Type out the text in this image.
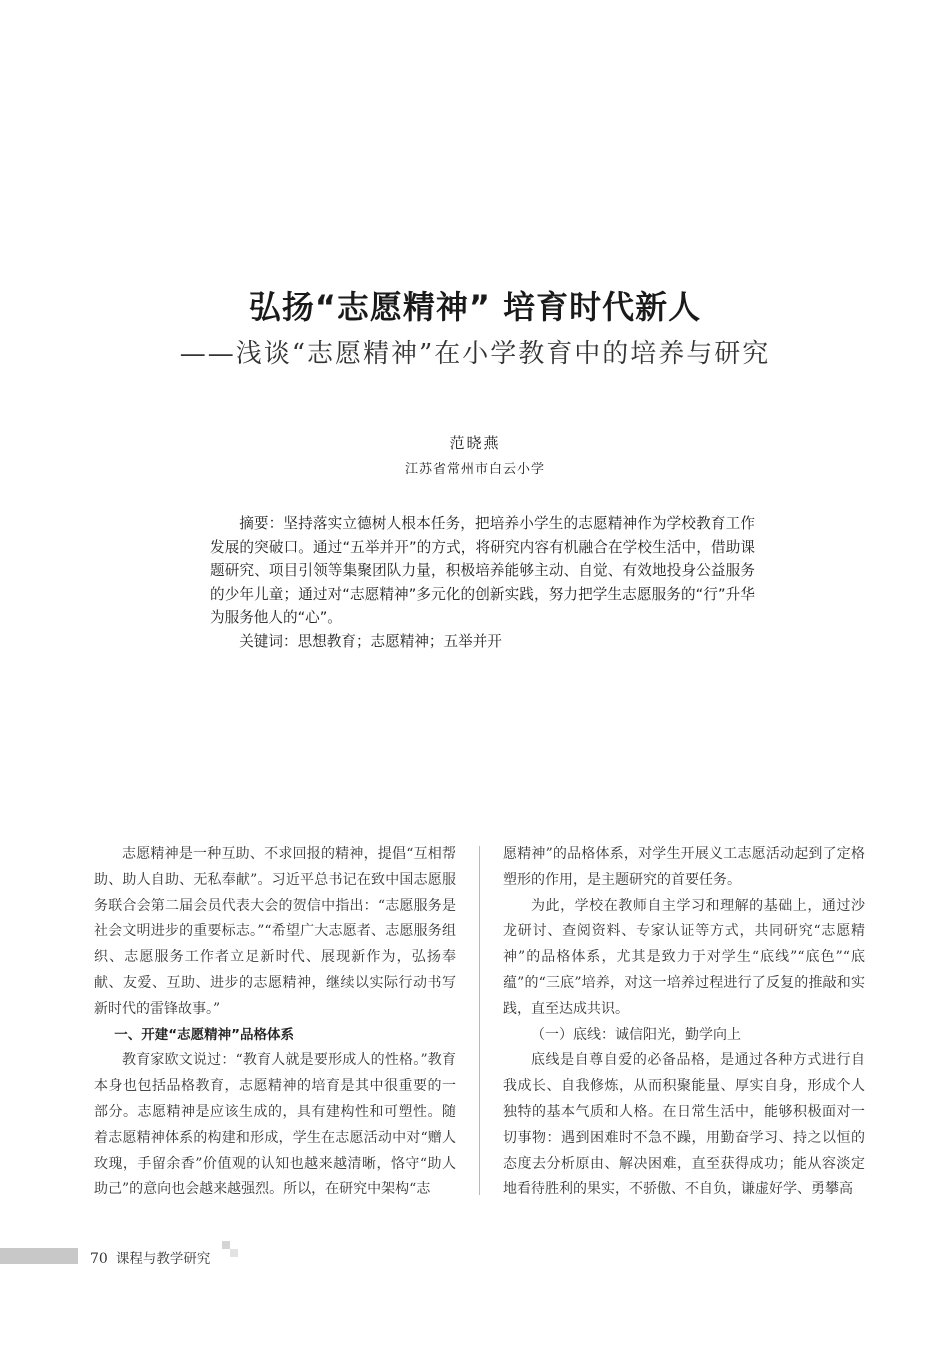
弘扬“志愿精神” 培育时代新人
——浅谈“志愿精神”在小学教育中的培养与研究
范晓燕
江苏省常州市白云小学

摘要：坚持落实立德树人根本任务，把培养小学生的志愿精神作为学校教育工作发展的突破口。通过“五举并开”的方式，将研究内容有机融合在学校生活中，借助课题研究、项目引领等集聚团队力量，积极培养能够主动、自觉、有效地投身公益服务的少年儿童；通过对“志愿精神”多元化的创新实践，努力把学生志愿服务的“行”升华为服务他人的“心”。

关键词：思想教育；志愿精神；五举并开

志愿精神是一种互助、不求回报的精神，提倡“互相帮助、助人自助、无私奉献”。习近平总书记在致中国志愿服务联合会第二届会员代表大会的贺信中指出：“志愿服务是社会文明进步的重要标志。”“希望广大志愿者、志愿服务组织、志愿服务工作者立足新时代、展现新作为，弘扬奉献、友爱、互助、进步的志愿精神，继续以实际行动书写新时代的雷锋故事。”

一、开建“志愿精神”品格体系

教育家欧文说过：“教育人就是要形成人的性格。”教育本身也包括品格教育，志愿精神的培育是其中很重要的一部分。志愿精神是应该生成的，具有建构性和可塑性。随着志愿精神体系的构建和形成，学生在志愿活动中对“赠人玫瑰，手留余香”价值观的认知也越来越清晰，恪守“助人助己”的意向也会越来越强烈。所以，在研究中架构“志

愿精神”的品格体系，对学生开展义工志愿活动起到了定格塑形的作用，是主题研究的首要任务。

为此，学校在教师自主学习和理解的基础上，通过沙龙研讨、查阅资料、专家认证等方式，共同研究“志愿精神”的品格体系，尤其是致力于对学生“底线”“底色”“底蕴”的“三底”培养，对这一培养过程进行了反复的推敲和实践，直至达成共识。

（一）底线：诚信阳光，勤学向上

底线是自尊自爱的必备品格，是通过各种方式进行自我成长、自我修炼，从而积聚能量、厚实自身，形成个人独特的基本气质和人格。在日常生活中，能够积极面对一切事物：遇到困难时不急不躁，用勤奋学习、持之以恒的态度去分析原由、解决困难，直至获得成功；能从容淡定地看待胜利的果实，不骄傲、不自负，谦虚好学、勇攀高

70 课程与教学研究
